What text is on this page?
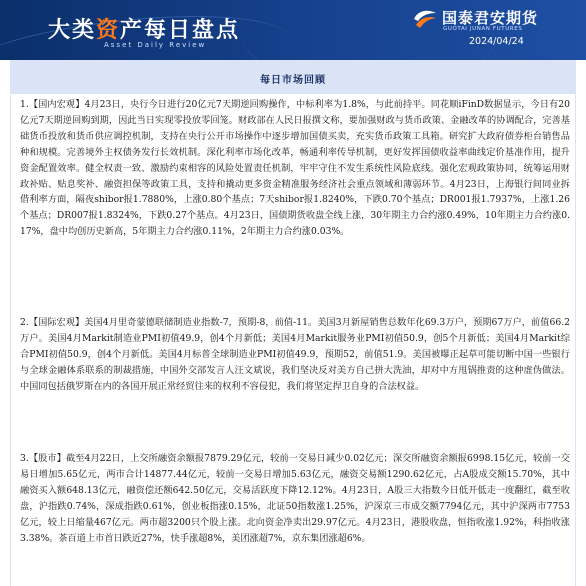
大类资产每日盘点
Asset Daily Review
国泰君安期货
GUOTAI JUNAN FUTURES
2024/04/24
每日市场回顾

1.【国内宏观】4月23日，央行今日进行20亿元7天期逆回购操作，中标利率为1.8%，与此前持平。同花顺iFinD数据显示，今日有20亿元7天期逆回购到期，因此当日实现零投放零回笼。财政部在人民日报撰文称，要加强财政与货币政策、金融改革的协调配合，完善基础货币投放和货币供应调控机制，支持在央行公开市场操作中逐步增加国债买卖，充实货币政策工具箱。研究扩大政府债券柜台销售品种和规模。完善境外主权债务发行长效机制。深化利率市场化改革，畅通利率传导机制，更好发挥国债收益率曲线定价基准作用，提升资金配置效率。健全权责一致、激励约束相容的风险处置责任机制，牢牢守住不发生系统性风险底线。强化宏观政策协同，统筹运用财政补贴、贴息奖补、融资担保等政策工具，支持和撬动更多资金精准服务经济社会重点领域和薄弱环节。4月23日，上海银行间同业拆借利率方面，隔夜shibor报1.7880%，上涨0.80个基点；7天shibor报1.8240%，下跌0.70个基点；DR001报1.7937%，上涨1.26个基点；DR007报1.8324%，下跌0.27个基点。4月23日，国债期货收盘全线上涨，30年期主力合约涨0.49%，10年期主力合约涨0.17%，盘中均创历史新高，5年期主力合约涨0.11%，2年期主力合约涨0.03%。

2.【国际宏观】美国4月里奇蒙德联储制造业指数-7，预期-8，前值-11。美国3月新屋销售总数年化69.3万户，预期67万户，前值66.2万户。美国4月Markit制造业PMI初值49.9，创4个月新低；美国4月Markit服务业PMI初值50.9，创5个月新低；美国4月Markit综合PMI初值50.9，创4个月新低。美国4月标普全球制造业PMI初值49.9，预期52，前值51.9。美国被曝正起草可能切断中国一些银行与全球金融体系联系的制裁措施，中国外交部发言人汪文斌说，我们坚决反对美方自己拼大洗油，却对中方甩锅推责的这种虚伪做法。中国同包括俄罗斯在内的各国开展正常经贸往来的权利不容侵犯，我们将坚定捍卫自身的合法权益。

3.【股市】截至4月22日，上交所融资余额报7879.29亿元，较前一交易日减少0.02亿元；深交所融资余额报6998.15亿元，较前一交易日增加5.65亿元，两市合计14877.44亿元，较前一交易日增加5.63亿元，融资交易额1290.62亿元，占A股成交额15.70%，其中融资买入额648.13亿元，融资偿还额642.50亿元，交易活跃度下降12.12%。4月23日，A股三大指数今日低开低走一度翻红，截至收盘，沪指跌0.74%，深成指跌0.61%，创业板指涨0.15%，北证50指数涨1.25%，沪深京三市成交额7794亿元，其中沪深两市7753亿元，较上日缩量467亿元。两市超3200只个股上涨。北向资金净卖出29.97亿元。4月23日，港股收盘，恒指收涨1.92%，科指收涨3.38%。茶百道上市首日跌近27%，快手涨超8%，美团涨超7%，京东集团涨超6%。
